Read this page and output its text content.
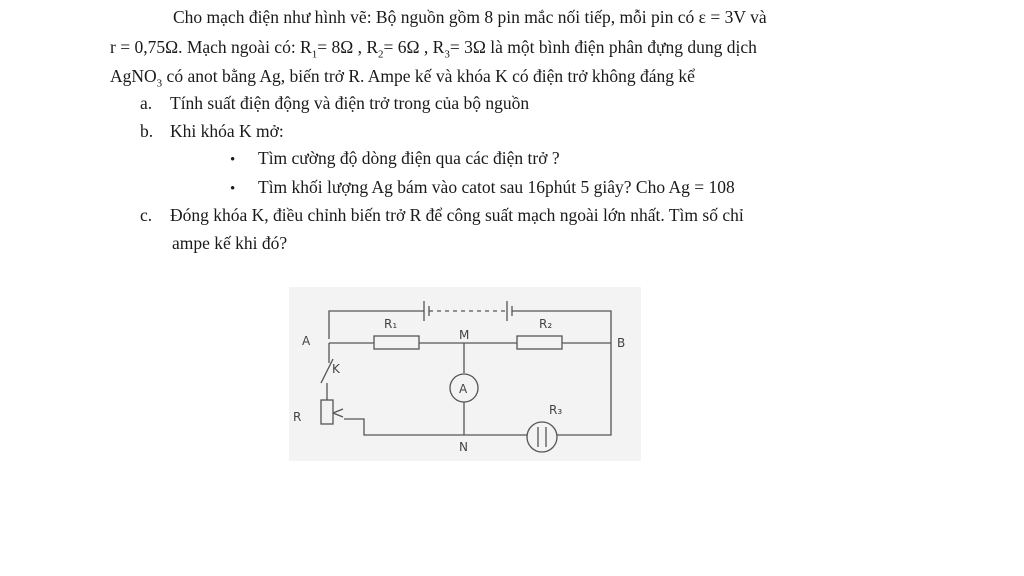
Cho mạch điện như hình vẽ: Bộ nguồn gồm 8 pin mắc nối tiếp, mỗi pin có ε = 3V và
r = 0,75Ω. Mạch ngoài có: $R_1= 8\Omega$ , $R_2= 6\Omega$ , $R_3= 3\Omega$ là một bình điện phân đựng dung dịch
AgNO$_3$ có anot bằng Ag, biến trở R. Ampe kế và khóa K có điện trở không đáng kể
a. Tính suất điện động và điện trở trong của bộ nguồn
b. Khi khóa K mở:
• Tìm cường độ dòng điện qua các điện trở ?
• Tìm khối lượng Ag bám vào catot sau 16phút 5 giây? Cho Ag = 108
c. Đóng khóa K, điều chỉnh biến trở R để công suất mạch ngoài lớn nhất. Tìm số chỉ
ampe kế khi đó?
R₁	R₂
R₃
A	B
M
N
K
R
A
